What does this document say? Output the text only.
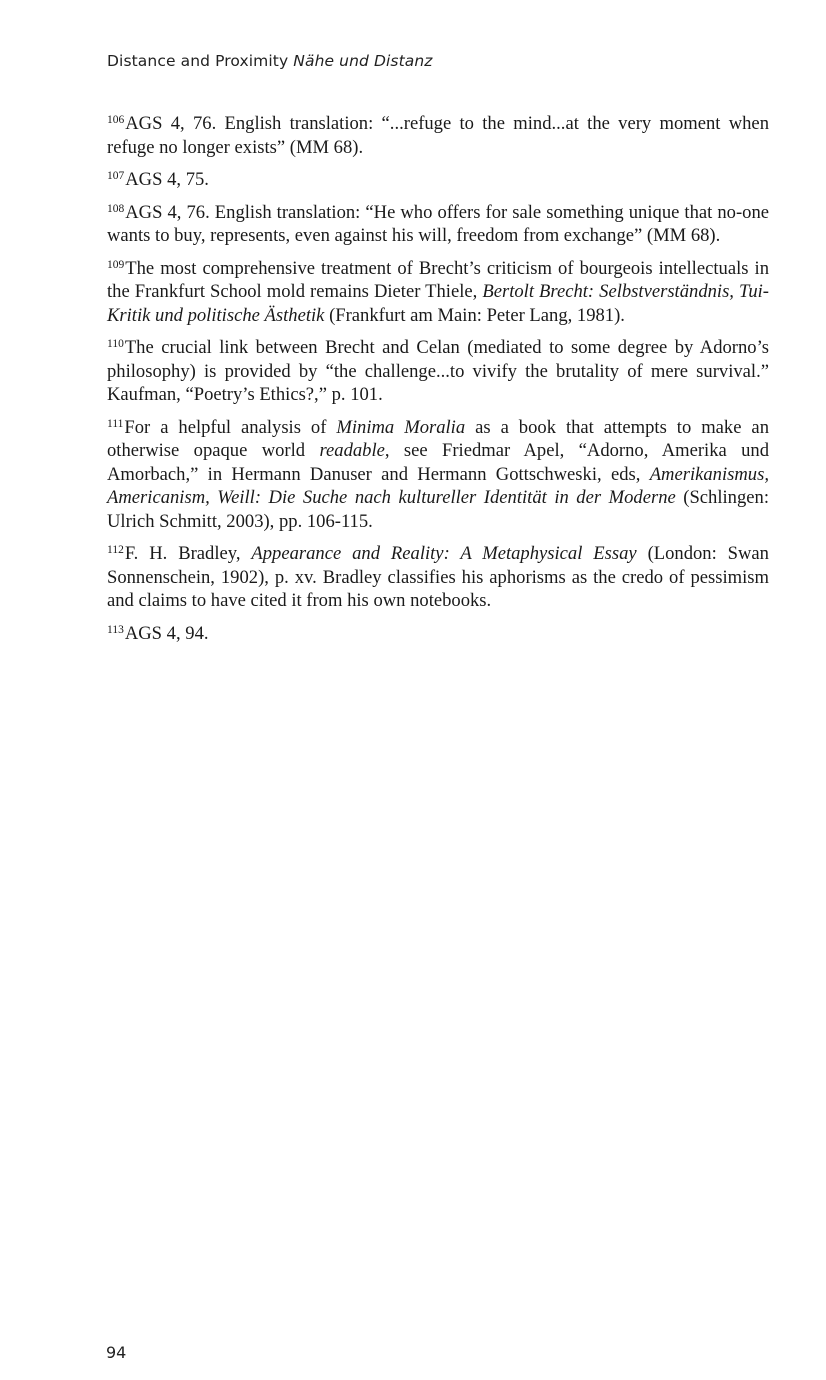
Distance and Proximity Nähe und Distanz

$^{106}$AGS 4, 76. English translation: “...refuge to the mind...at the very moment when refuge no longer exists” (MM 68).

$^{107}$AGS 4, 75.

$^{108}$AGS 4, 76. English translation: “He who offers for sale something unique that no-one wants to buy, represents, even against his will, freedom from exchange” (MM 68).

$^{109}$The most comprehensive treatment of Brecht’s criticism of bourgeois intellectuals in the Frankfurt School mold remains Dieter Thiele, Bertolt Brecht: Selbstverständnis, Tui-Kritik und politische Ästhetik (Frankfurt am Main: Peter Lang, 1981).

$^{110}$The crucial link between Brecht and Celan (mediated to some degree by Adorno’s philosophy) is provided by “the challenge...to vivify the brutality of mere survival.” Kaufman, “Poetry’s Ethics?,” p. 101.

$^{111}$For a helpful analysis of Minima Moralia as a book that attempts to make an otherwise opaque world readable, see Friedmar Apel, “Adorno, Amerika und Amorbach,” in Hermann Danuser and Hermann Gottschweski, eds, Amerikanismus, Americanism, Weill: Die Suche nach kultureller Identität in der Moderne (Schlingen: Ulrich Schmitt, 2003), pp. 106-115.

$^{112}$F. H. Bradley, Appearance and Reality: A Metaphysical Essay (London: Swan Sonnenschein, 1902), p. xv. Bradley classifies his aphorisms as the credo of pessimism and claims to have cited it from his own notebooks.

$^{113}$AGS 4, 94.

94
